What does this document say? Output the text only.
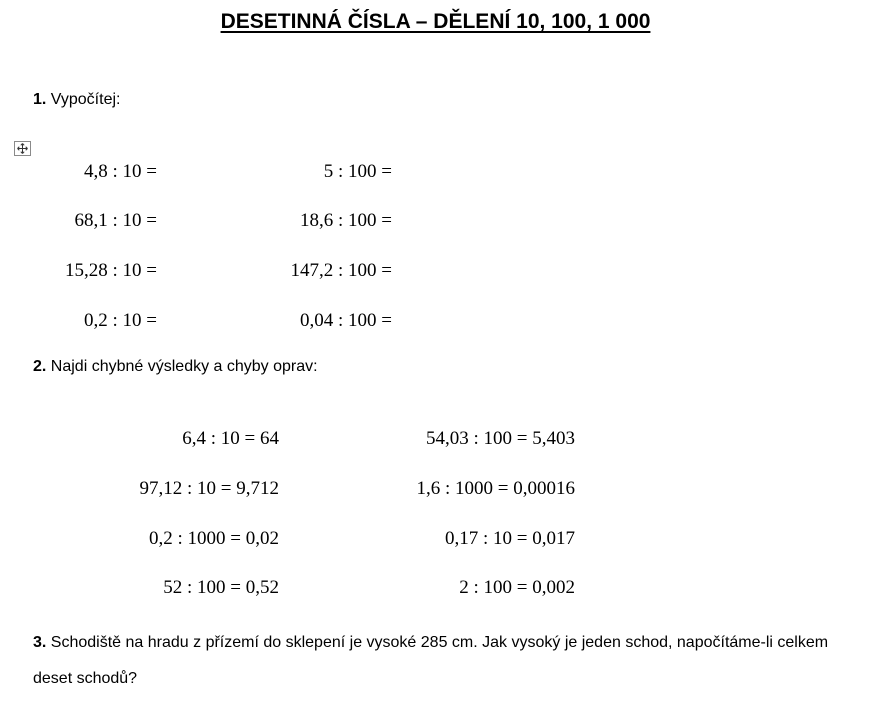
DESETINNÁ ČÍSLA – DĚLENÍ 10, 100, 1 000
1. Vypočítej:
4,8 : 10 =
68,1 : 10 =
15,28 : 10 =
0,2 : 10 =
5 : 100 =
18,6 : 100 =
147,2 : 100 =
0,04 : 100 =
2. Najdi chybné výsledky a chyby oprav:
6,4 : 10 = 64
97,12 : 10 = 9,712
0,2 : 1000 = 0,02
52 : 100 = 0,52
54,03 : 100 = 5,403
1,6 : 1000 = 0,00016
0,17 : 10 = 0,017
2 : 100 = 0,002
3. Schodiště na hradu z přízemí do sklepení je vysoké 285 cm. Jak vysoký je jeden schod, napočítáme-li celkem deset schodů?
